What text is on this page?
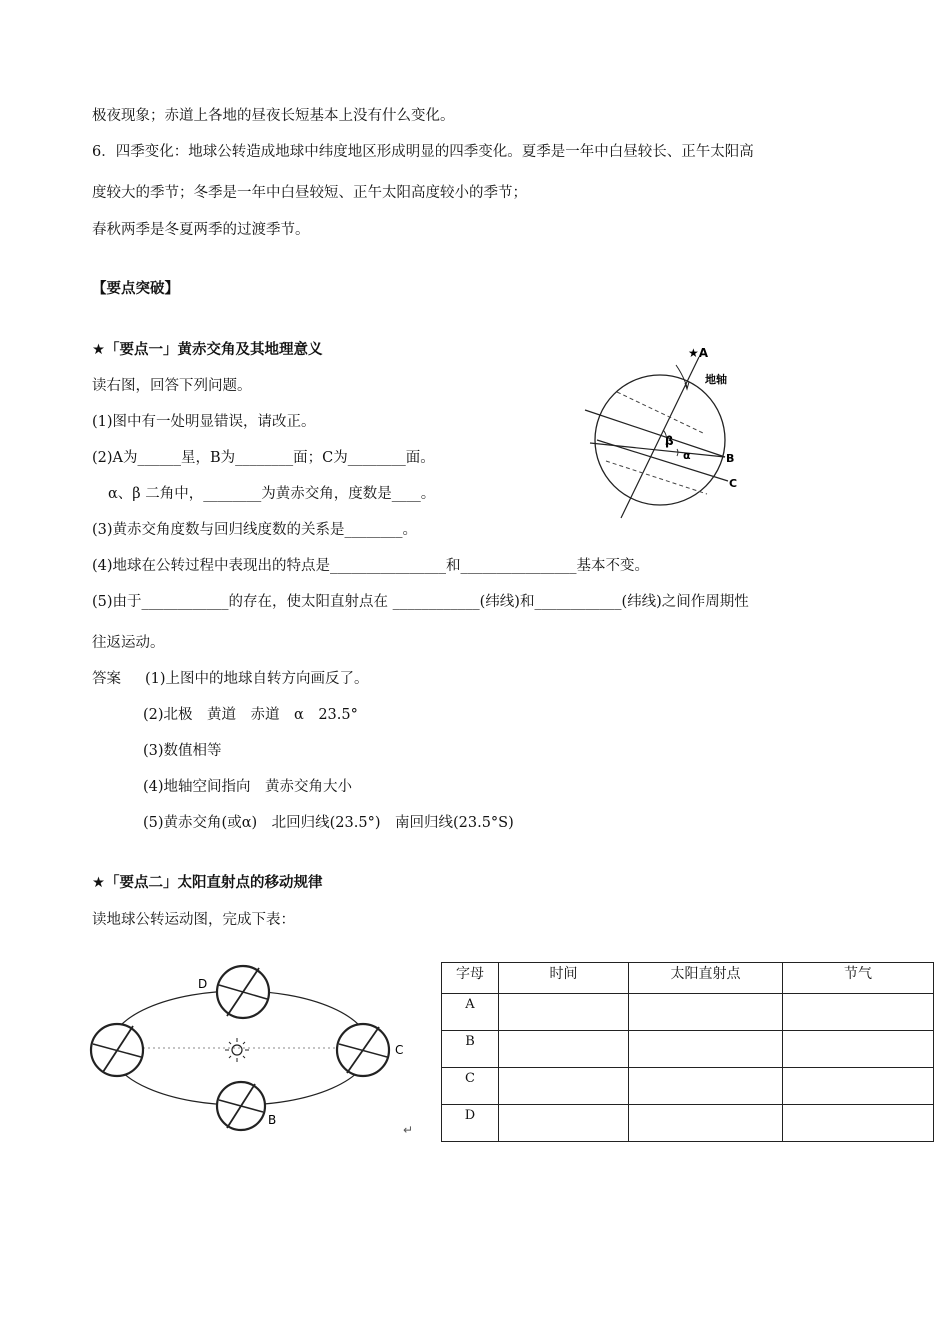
极夜现象；赤道上各地的昼夜长短基本上没有什么变化。
6．四季变化：地球公转造成地球中纬度地区形成明显的四季变化。夏季是一年中白昼较长、正午太阳高
度较大的季节；冬季是一年中白昼较短、正午太阳高度较小的季节；
春秋两季是冬夏两季的过渡季节。
【要点突破】
★「要点一」黄赤交角及其地理意义
读右图，回答下列问题。
(1)图中有一处明显错误，请改正。
(2)A为______星，B为________面；C为________面。
α、β 二角中，________为黄赤交角，度数是____。
(3)黄赤交角度数与回归线度数的关系是________。
(4)地球在公转过程中表现出的特点是________________和________________基本不变。
(5)由于____________的存在，使太阳直射点在 ____________(纬线)和____________(纬线)之间作周期性
往返运动。
答案 (1)上图中的地球自转方向画反了。
(2)北极　黄道　赤道　α　23.5°
(3)数值相等
(4)地轴空间指向　黄赤交角大小
(5)黄赤交角(或α)　北回归线(23.5°)　南回归线(23.5°S)
★A
地轴
β
α	B
C
★「要点二」太阳直射点的移动规律
读地球公转运动图，完成下表：
D
C
B
↵
字母	时间	太阳直射点	节气
A			
B			
C			
D			
